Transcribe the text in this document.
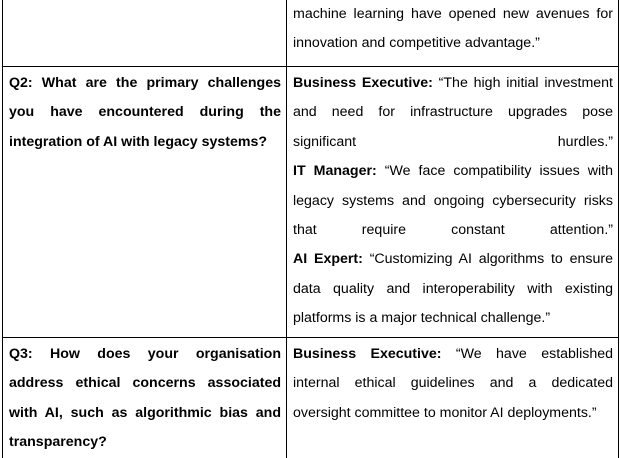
	machine learning have opened new avenues for innovation and competitive advantage.”

Q2: What are the primary challenges you have encountered during the integration of AI with legacy systems?	Business Executive: “The high initial investment and need for infrastructure upgrades pose significant hurdles.”

IT Manager: “We face compatibility issues with legacy systems and ongoing cybersecurity risks that require constant attention.”

AI Expert: “Customizing AI algorithms to ensure data quality and interoperability with existing platforms is a major technical challenge.”

Q3: How does your organisation address ethical concerns associated with AI, such as algorithmic bias and transparency?	Business Executive: “We have established internal ethical guidelines and a dedicated oversight committee to monitor AI deployments.”
